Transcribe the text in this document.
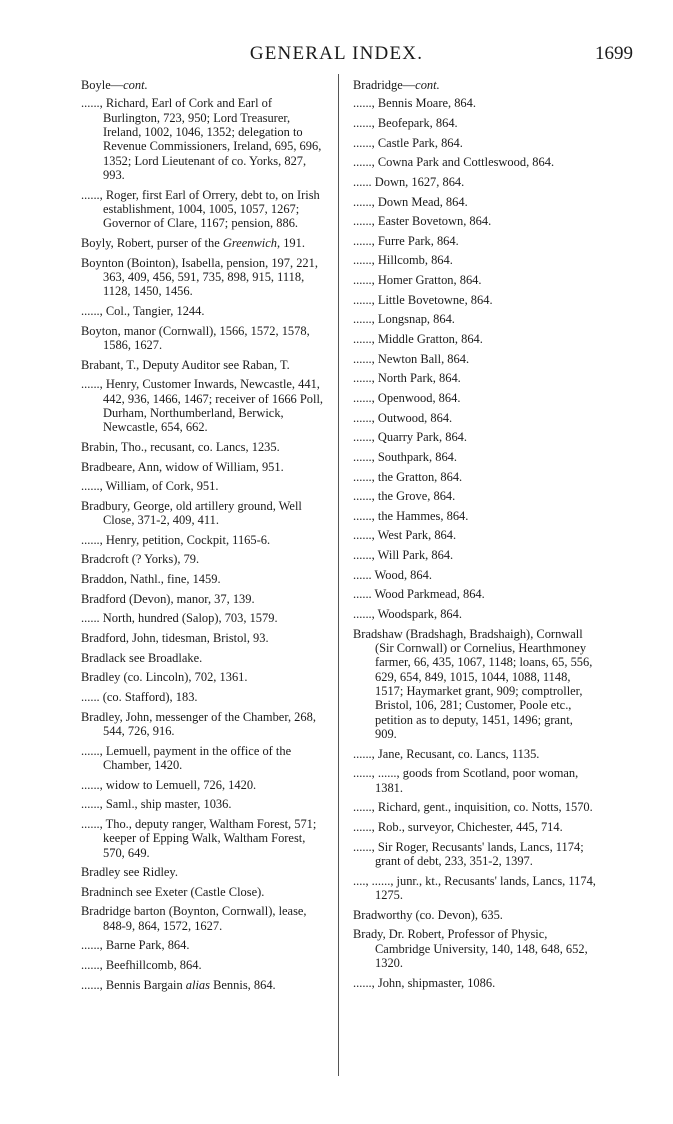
GENERAL INDEX.	1699
Boyle—cont.
......, Richard, Earl of Cork and Earl of Burlington, 723, 950; Lord Treasurer, Ireland, 1002, 1046, 1352; delegation to Revenue Commissioners, Ireland, 695, 696, 1352; Lord Lieutenant of co. Yorks, 827, 993.
......, Roger, first Earl of Orrery, debt to, on Irish establishment, 1004, 1005, 1057, 1267; Governor of Clare, 1167; pension, 886.
Boyly, Robert, purser of the Greenwich, 191.
Boynton (Bointon), Isabella, pension, 197, 221, 363, 409, 456, 591, 735, 898, 915, 1118, 1128, 1450, 1456.
......, Col., Tangier, 1244.
Boyton, manor (Cornwall), 1566, 1572, 1578, 1586, 1627.
Brabant, T., Deputy Auditor see Raban, T.
......, Henry, Customer Inwards, Newcastle, 441, 442, 936, 1466, 1467; receiver of 1666 Poll, Durham, Northumberland, Berwick, Newcastle, 654, 662.
Brabin, Tho., recusant, co. Lancs, 1235.
Bradbeare, Ann, widow of William, 951.
......, William, of Cork, 951.
Bradbury, George, old artillery ground, Well Close, 371-2, 409, 411.
......, Henry, petition, Cockpit, 1165-6.
Bradcroft (? Yorks), 79.
Braddon, Nathl., fine, 1459.
Bradford (Devon), manor, 37, 139.
...... North, hundred (Salop), 703, 1579.
Bradford, John, tidesman, Bristol, 93.
Bradlack see Broadlake.
Bradley (co. Lincoln), 702, 1361.
...... (co. Stafford), 183.
Bradley, John, messenger of the Chamber, 268, 544, 726, 916.
......, Lemuell, payment in the office of the Chamber, 1420.
......, widow to Lemuell, 726, 1420.
......, Saml., ship master, 1036.
......, Tho., deputy ranger, Waltham Forest, 571; keeper of Epping Walk, Waltham Forest, 570, 649.
Bradley see Ridley.
Bradninch see Exeter (Castle Close).
Bradridge barton (Boynton, Cornwall), lease, 848-9, 864, 1572, 1627.
......, Barne Park, 864.
......, Beefhillcomb, 864.
......, Bennis Bargain alias Bennis, 864.
Bradridge—cont.
......, Bennis Moare, 864.
......, Beofepark, 864.
......, Castle Park, 864.
......, Cowna Park and Cottleswood, 864.
...... Down, 1627, 864.
......, Down Mead, 864.
......, Easter Bovetown, 864.
......, Furre Park, 864.
......, Hillcomb, 864.
......, Homer Gratton, 864.
......, Little Bovetowne, 864.
......, Longsnap, 864.
......, Middle Gratton, 864.
......, Newton Ball, 864.
......, North Park, 864.
......, Openwood, 864.
......, Outwood, 864.
......, Quarry Park, 864.
......, Southpark, 864.
......, the Gratton, 864.
......, the Grove, 864.
......, the Hammes, 864.
......, West Park, 864.
......, Will Park, 864.
...... Wood, 864.
...... Wood Parkmead, 864.
......, Woodspark, 864.
Bradshaw (Bradshagh, Bradshaigh), Cornwall (Sir Cornwall) or Cornelius, Hearthmoney farmer, 66, 435, 1067, 1148; loans, 65, 556, 629, 654, 849, 1015, 1044, 1088, 1148, 1517; Haymarket grant, 909; comptroller, Bristol, 106, 281; Customer, Poole etc., petition as to deputy, 1451, 1496; grant, 909.
......, Jane, Recusant, co. Lancs, 1135.
......, ......, goods from Scotland, poor woman, 1381.
......, Richard, gent., inquisition, co. Notts, 1570.
......, Rob., surveyor, Chichester, 445, 714.
......, Sir Roger, Recusants' lands, Lancs, 1174; grant of debt, 233, 351-2, 1397.
...., ......, junr., kt., Recusants' lands, Lancs, 1174, 1275.
Bradworthy (co. Devon), 635.
Brady, Dr. Robert, Professor of Physic, Cambridge University, 140, 148, 648, 652, 1320.
......, John, shipmaster, 1086.
